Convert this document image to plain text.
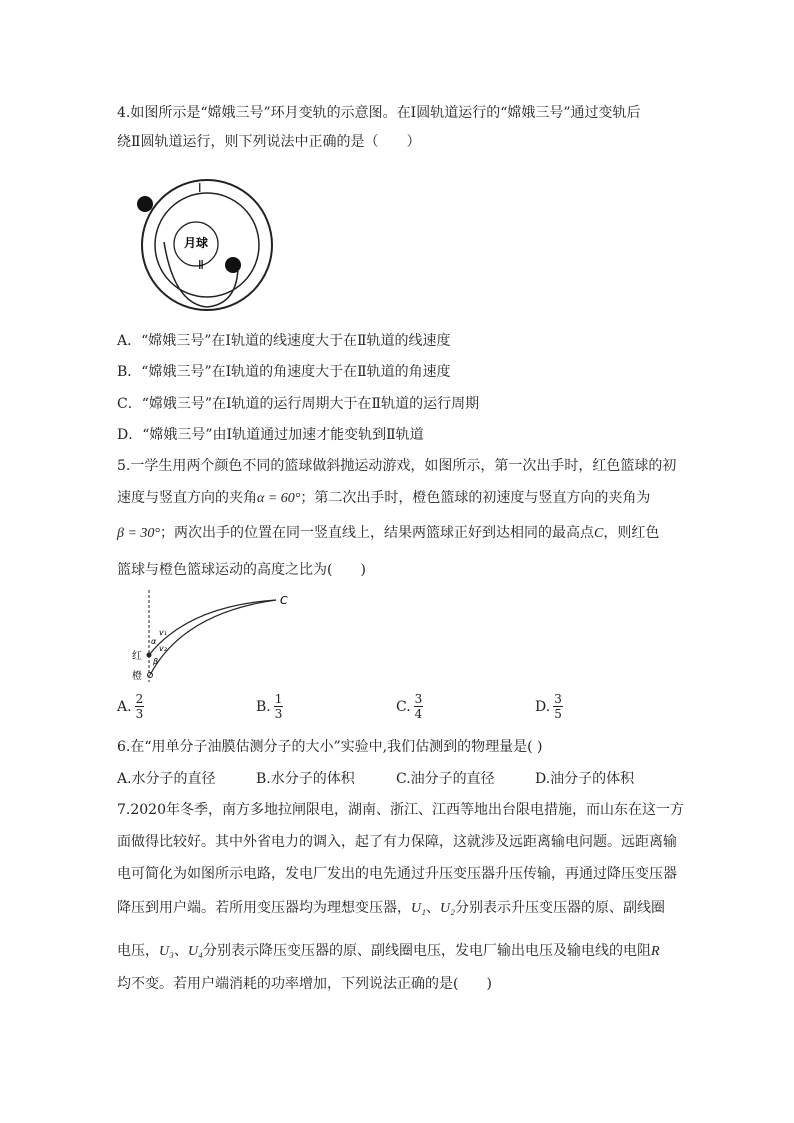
4.如图所示是“嫦娥三号”环月变轨的示意图。在Ⅰ圆轨道运行的“嫦娥三号”通过变轨后
绕Ⅱ圆轨道运行，则下列说法中正确的是（　　）
Ⅰ
Ⅱ
月球
A．“嫦娥三号”在Ⅰ轨道的线速度大于在Ⅱ轨道的线速度
B．“嫦娥三号”在Ⅰ轨道的角速度大于在Ⅱ轨道的角速度
C．“嫦娥三号”在Ⅰ轨道的运行周期大于在Ⅱ轨道的运行周期
D．“嫦娥三号”由Ⅰ轨道通过加速才能变轨到Ⅱ轨道
5.一学生用两个颜色不同的篮球做斜抛运动游戏，如图所示，第一次出手时，红色篮球的初
速度与竖直方向的夹角α = 60°；第二次出手时，橙色篮球的初速度与竖直方向的夹角为
β = 30°；两次出手的位置在同一竖直线上，结果两篮球正好到达相同的最高点C，则红色
篮球与橙色篮球运动的高度之比为(　　)
C
红
橙
v₁
v₂
α
β
A. $\frac{2}{3}$	B. $\frac{1}{3}$	C. $\frac{3}{4}$	D. $\frac{3}{5}$
6.在“用单分子油膜估测分子的大小”实验中,我们估测到的物理量是( )
A.水分子的直径	B.水分子的体积	C.油分子的直径	D.油分子的体积
7.2020年冬季，南方多地拉闸限电，湖南、浙江、江西等地出台限电措施，而山东在这一方
面做得比较好。其中外省电力的调入，起了有力保障，这就涉及远距离输电问题。远距离输
电可简化为如图所示电路，发电厂发出的电先通过升压变压器升压传输，再通过降压变压器
降压到用户端。若所用变压器均为理想变压器，U₁、U₂分别表示升压变压器的原、副线圈
电压，U₃、U₄分别表示降压变压器的原、副线圈电压，发电厂输出电压及输电线的电阻R
均不变。若用户端消耗的功率增加，下列说法正确的是(　　)
